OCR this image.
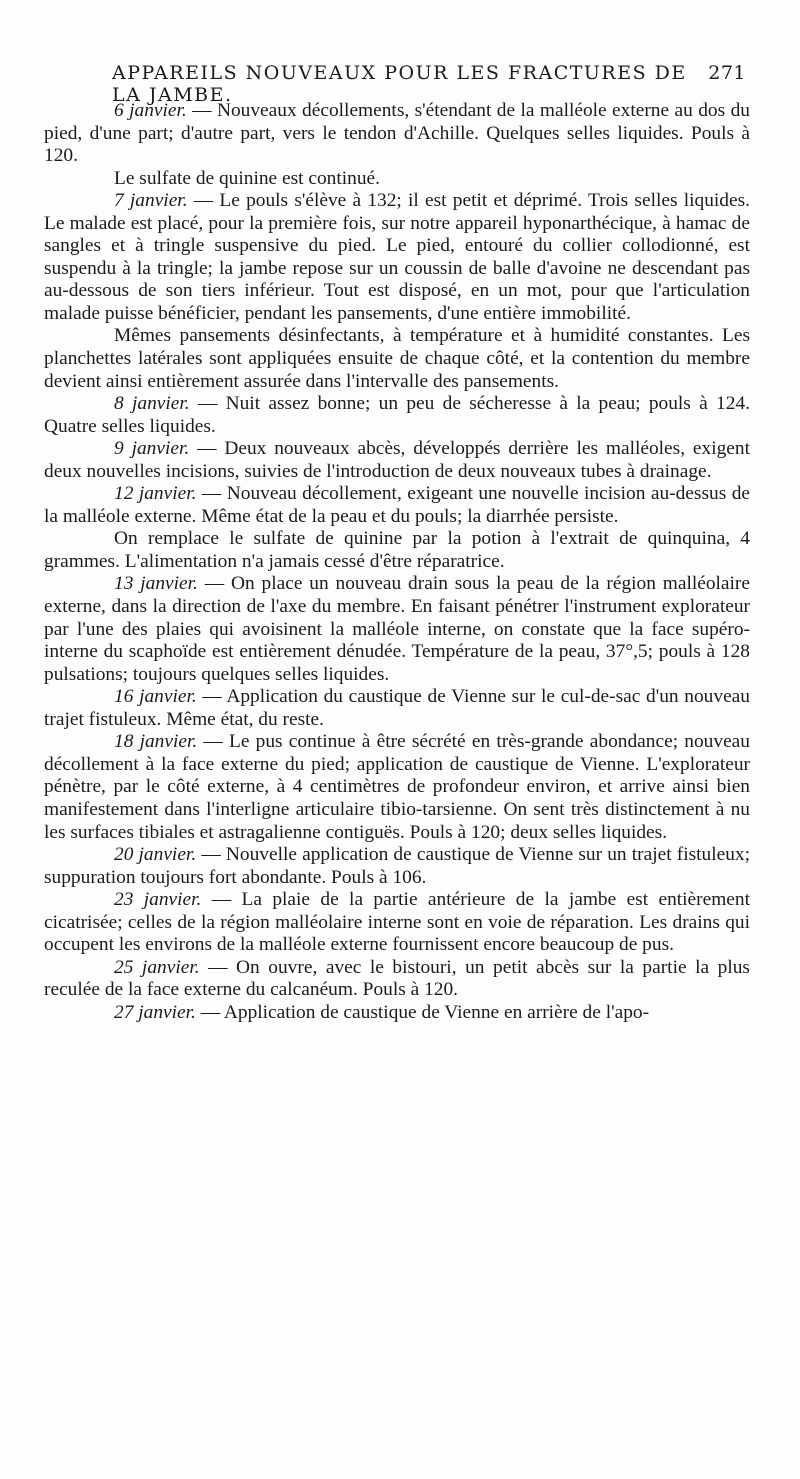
APPAREILS NOUVEAUX POUR LES FRACTURES DE LA JAMBE.
271

6 janvier. — Nouveaux décollements, s'étendant de la malléole externe au dos du pied, d'une part; d'autre part, vers le tendon d'Achille. Quelques selles liquides. Pouls à 120.

Le sulfate de quinine est continué.

7 janvier. — Le pouls s'élève à 132; il est petit et déprimé. Trois selles liquides. Le malade est placé, pour la première fois, sur notre appareil hyponarthécique, à hamac de sangles et à tringle suspensive du pied. Le pied, entouré du collier collodionné, est suspendu à la tringle; la jambe repose sur un coussin de balle d'avoine ne descendant pas au-dessous de son tiers inférieur. Tout est disposé, en un mot, pour que l'articulation malade puisse bénéficier, pendant les pansements, d'une entière immobilité.

Mêmes pansements désinfectants, à température et à humidité constantes. Les planchettes latérales sont appliquées ensuite de chaque côté, et la contention du membre devient ainsi entièrement assurée dans l'intervalle des pansements.

8 janvier. — Nuit assez bonne; un peu de sécheresse à la peau; pouls à 124. Quatre selles liquides.

9 janvier. — Deux nouveaux abcès, développés derrière les malléoles, exigent deux nouvelles incisions, suivies de l'introduction de deux nouveaux tubes à drainage.

12 janvier. — Nouveau décollement, exigeant une nouvelle incision au-dessus de la malléole externe. Même état de la peau et du pouls; la diarrhée persiste.

On remplace le sulfate de quinine par la potion à l'extrait de quinquina, 4 grammes. L'alimentation n'a jamais cessé d'être réparatrice.

13 janvier. — On place un nouveau drain sous la peau de la région malléolaire externe, dans la direction de l'axe du membre. En faisant pénétrer l'instrument explorateur par l'une des plaies qui avoisinent la malléole interne, on constate que la face supéro-interne du scaphoïde est entièrement dénudée. Température de la peau, 37°,5; pouls à 128 pulsations; toujours quelques selles liquides.

16 janvier. — Application du caustique de Vienne sur le cul-de-sac d'un nouveau trajet fistuleux. Même état, du reste.

18 janvier. — Le pus continue à être sécrété en très-grande abondance; nouveau décollement à la face externe du pied; application de caustique de Vienne. L'explorateur pénètre, par le côté externe, à 4 centimètres de profondeur environ, et arrive ainsi bien manifestement dans l'interligne articulaire tibio-tarsienne. On sent très distinctement à nu les surfaces tibiales et astragalienne contiguës. Pouls à 120; deux selles liquides.

20 janvier. — Nouvelle application de caustique de Vienne sur un trajet fistuleux; suppuration toujours fort abondante. Pouls à 106.

23 janvier. — La plaie de la partie antérieure de la jambe est entièrement cicatrisée; celles de la région malléolaire interne sont en voie de réparation. Les drains qui occupent les environs de la malléole externe fournissent encore beaucoup de pus.

25 janvier. — On ouvre, avec le bistouri, un petit abcès sur la partie la plus reculée de la face externe du calcanéum. Pouls à 120.

27 janvier. — Application de caustique de Vienne en arrière de l'apo-
